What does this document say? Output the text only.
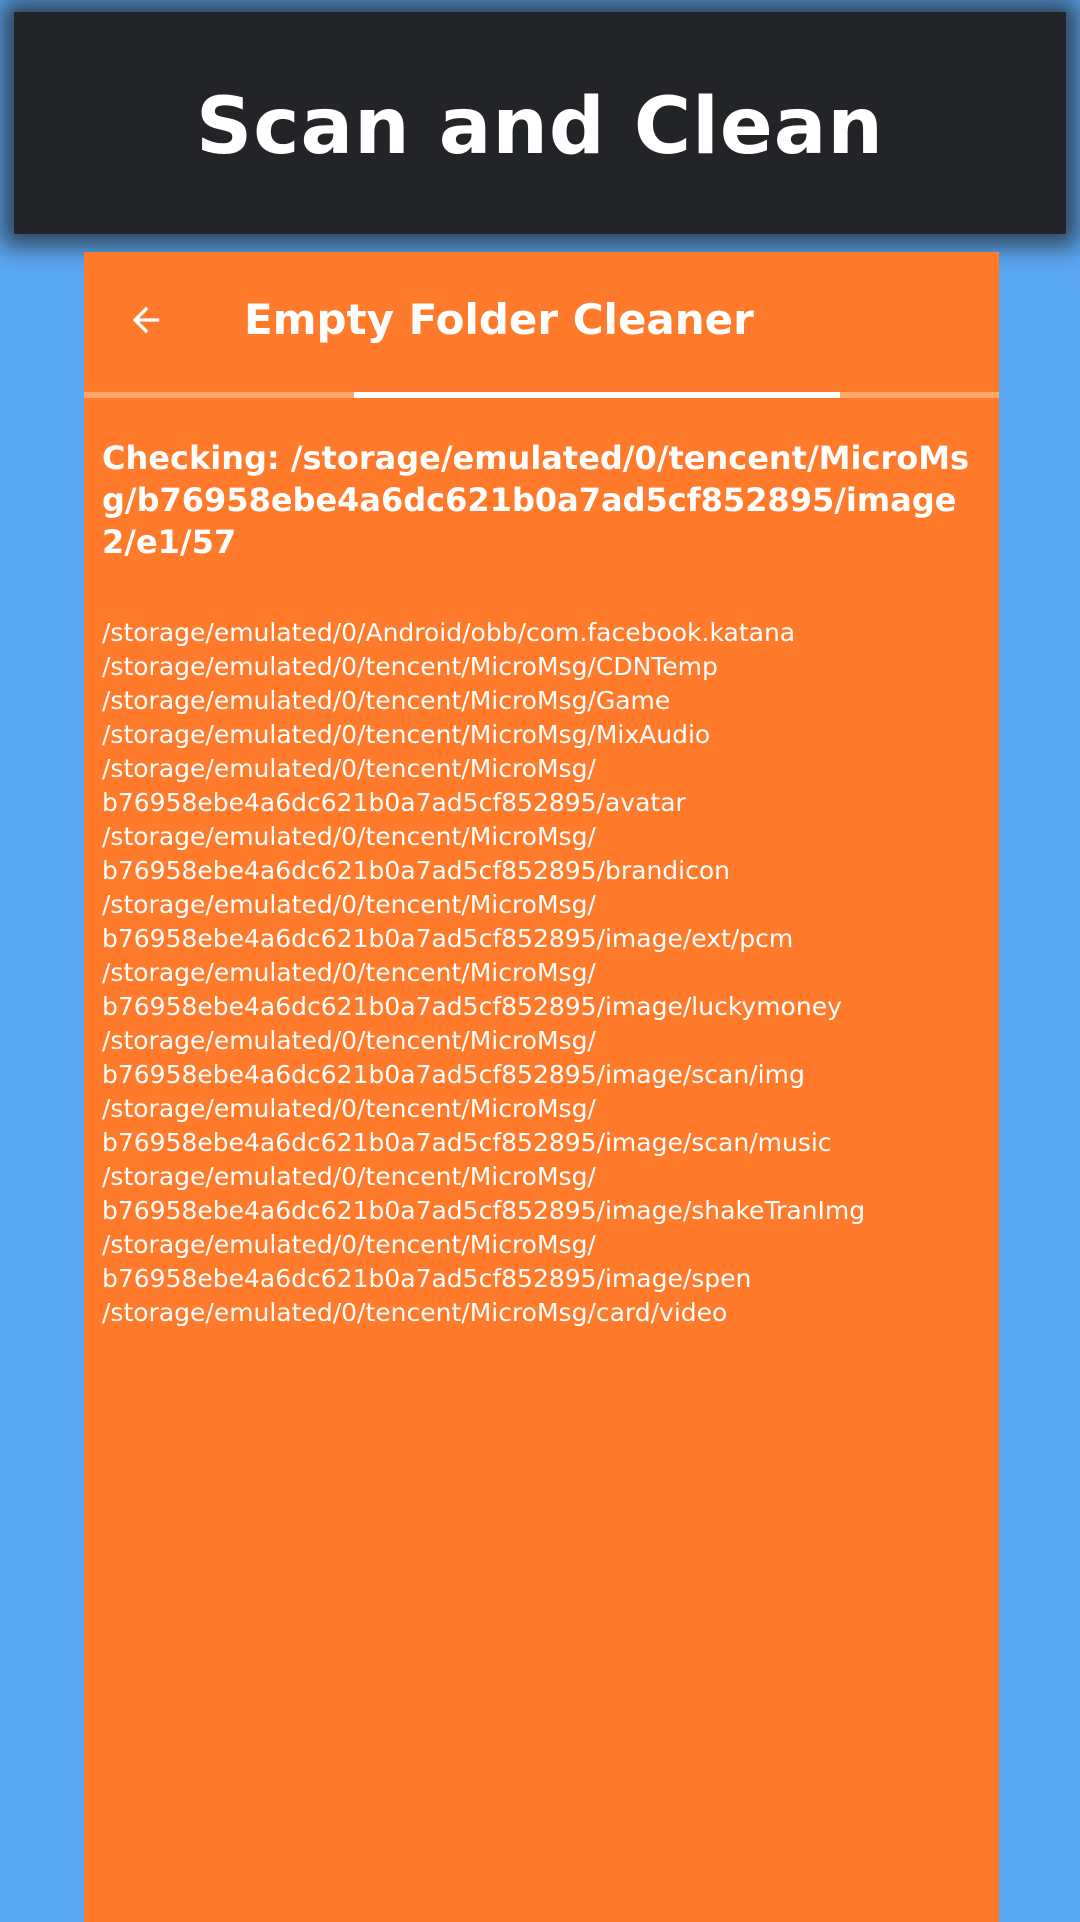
Scan and Clean
Empty Folder Cleaner
Checking: /storage/emulated/0/tencent/MicroMsg/b76958ebe4a6dc621b0a7ad5cf852895/image2/e1/57
/storage/emulated/0/Android/obb/com.facebook.katana
/storage/emulated/0/tencent/MicroMsg/CDNTemp
/storage/emulated/0/tencent/MicroMsg/Game
/storage/emulated/0/tencent/MicroMsg/MixAudio
/storage/emulated/0/tencent/MicroMsg/
b76958ebe4a6dc621b0a7ad5cf852895/avatar
/storage/emulated/0/tencent/MicroMsg/
b76958ebe4a6dc621b0a7ad5cf852895/brandicon
/storage/emulated/0/tencent/MicroMsg/
b76958ebe4a6dc621b0a7ad5cf852895/image/ext/pcm
/storage/emulated/0/tencent/MicroMsg/
b76958ebe4a6dc621b0a7ad5cf852895/image/luckymoney
/storage/emulated/0/tencent/MicroMsg/
b76958ebe4a6dc621b0a7ad5cf852895/image/scan/img
/storage/emulated/0/tencent/MicroMsg/
b76958ebe4a6dc621b0a7ad5cf852895/image/scan/music
/storage/emulated/0/tencent/MicroMsg/
b76958ebe4a6dc621b0a7ad5cf852895/image/shakeTranImg
/storage/emulated/0/tencent/MicroMsg/
b76958ebe4a6dc621b0a7ad5cf852895/image/spen
/storage/emulated/0/tencent/MicroMsg/card/video
